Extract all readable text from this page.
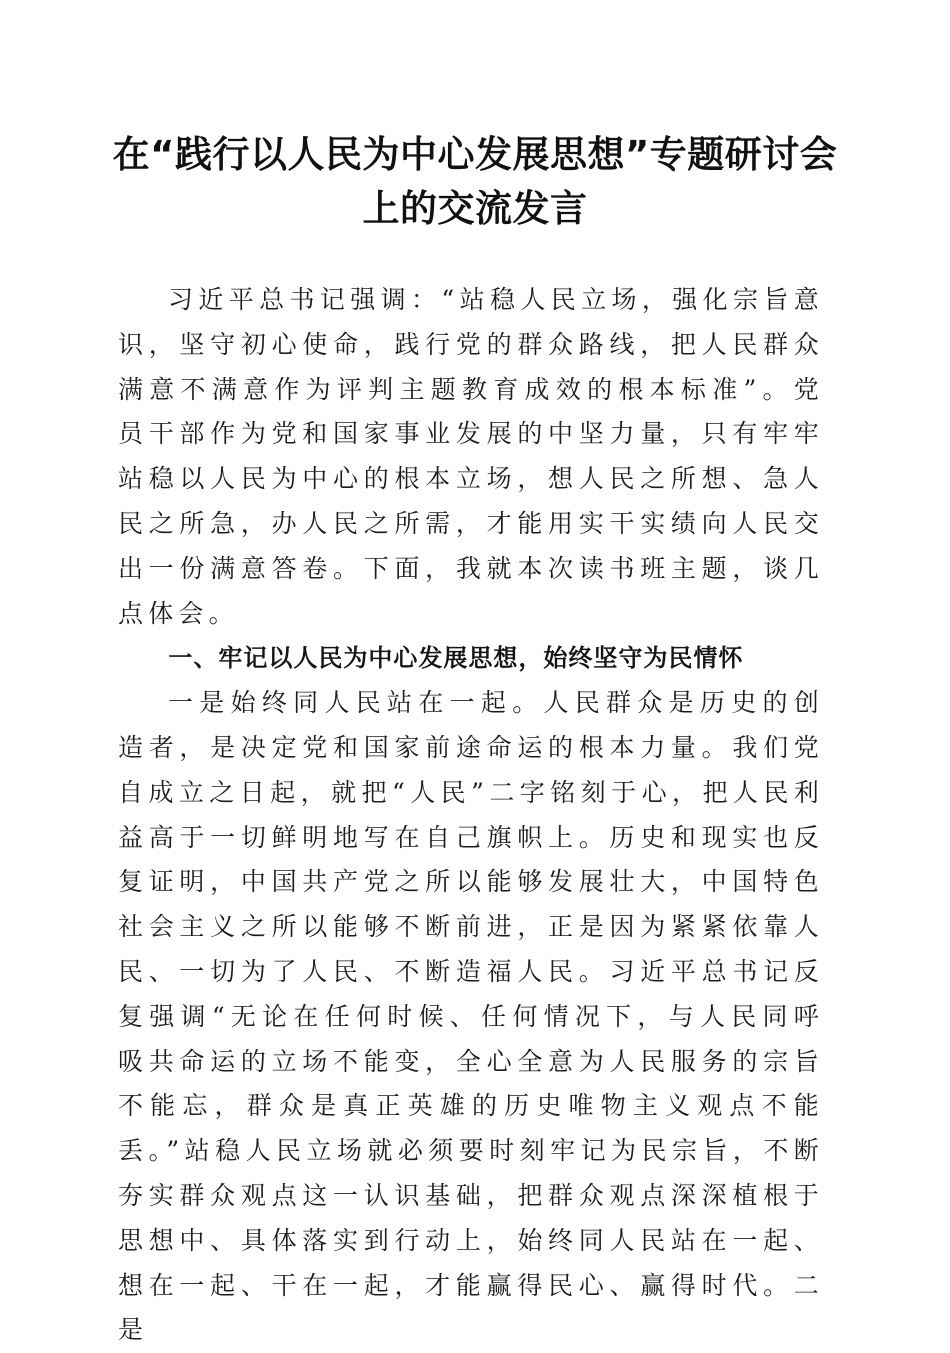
在“践行以人民为中心发展思想”专题研讨会
上的交流发言

习近平总书记强调：“站稳人民立场，强化宗旨意识，坚守初心使命，践行党的群众路线，把人民群众满意不满意作为评判主题教育成效的根本标准”。党员干部作为党和国家事业发展的中坚力量，只有牢牢站稳以人民为中心的根本立场，想人民之所想、急人民之所急，办人民之所需，才能用实干实绩向人民交出一份满意答卷。下面，我就本次读书班主题，谈几点体会。

一、牢记以人民为中心发展思想，始终坚守为民情怀

一是始终同人民站在一起。人民群众是历史的创造者，是决定党和国家前途命运的根本力量。我们党自成立之日起，就把“人民”二字铭刻于心，把人民利益高于一切鲜明地写在自己旗帜上。历史和现实也反复证明，中国共产党之所以能够发展壮大，中国特色社会主义之所以能够不断前进，正是因为紧紧依靠人民、一切为了人民、不断造福人民。习近平总书记反复强调“无论在任何时候、任何情况下，与人民同呼吸共命运的立场不能变，全心全意为人民服务的宗旨不能忘，群众是真正英雄的历史唯物主义观点不能丢。”站稳人民立场就必须要时刻牢记为民宗旨，不断夯实群众观点这一认识基础，把群众观点深深植根于思想中、具体落实到行动上，始终同人民站在一起、想在一起、干在一起，才能赢得民心、赢得时代。二是
